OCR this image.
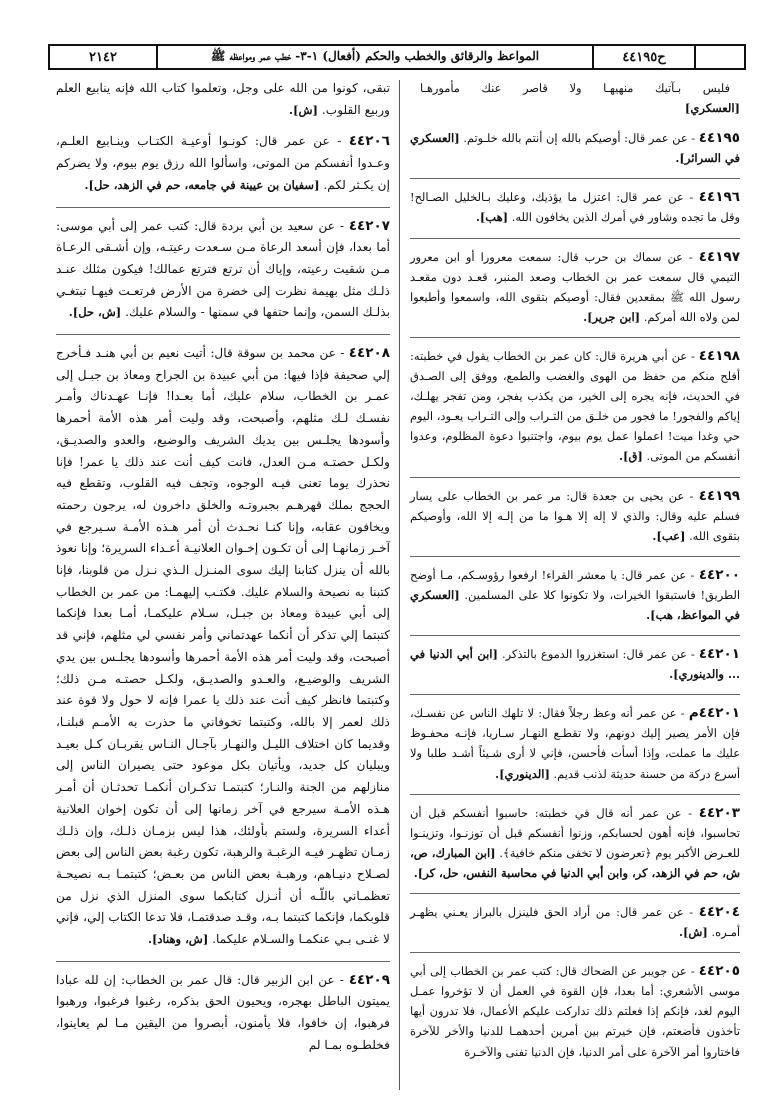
٢١٤٢	المواعظ والرقائق والخطب والحكم (أفعال) ١-٣- خطب عمر ومواعظه ﷺ	ح٤٤١٩٥
فليس بـآتيك منهيهـا ولا قاصر عنك مأمورهـا
[العسكري]

٤٤١٩٥ - عن عمر قال: أوصيكم بالله إن أنتم بالله خلـوتم. [العسكري في السرائر].

٤٤١٩٦ - عن عمر قال: اعتزل ما يؤذيك، وعليك بـالخليل الصـالح! وقل ما تجده وشاور في أمرك الذين يخافون الله. [هب].

٤٤١٩٧ - عن سماك بن حرب قال: سمعت معرورا أو ابن معرور التيمي قال سمعت عمر بن الخطاب وصعد المنبر، قعـد دون مقعـد رسول الله ﷺ بمقعدين فقال: أوصيكم بتقوى الله، واسمعوا وأطيعوا لمن ولاه الله أمركم. [ابن جرير].

٤٤١٩٨ - عن أبي هريرة قال: كان عمر بن الخطاب يقول في خطبته: أفلح منكم من حفظ من الهوى والغضب والطمع، ووفق إلى الصـدق في الحديث، فإنه يجره إلى الخير، من يكذب يفجر، ومن تفجر يهلـك، إياكم والفجور! ما فجور من خلـق من التـراب وإلى التـراب يعـود، اليوم حي وغدا ميت! اعملوا عمل يوم بيوم، واجتنبوا دعوة المظلوم، وعدوا أنفسكم من الموتى. [ق].

٤٤١٩٩ - عن يحيى بن جعدة قال: مر عمر بن الخطاب على يسار فسلم عليه وقال: والذي لا إله إلا هـوا ما من إلـه إلا الله، وأوصيكم بتقوى الله. [عب].

٤٤٢٠٠ - عن عمر قال: يا معشر القراء! ارفعوا رؤوسـكم، مـا أوضح الطريق! فاستبقوا الخيرات، ولا تكونوا كلا على المسلمين. [العسكري في المواعظ، هب].

٤٤٢٠١ - عن عمر قال: استغزروا الدموع بالتذكر. [ابن أبي الدنيا في ... والدينوري].

٤٤٢٠١م - عن عمر أنه وعظ رجلاً فقال: لا تلهك الناس عن نفسـك، فإن الأمر يصير إليك دونهم، ولا تقطـع النهـار سـاريا، فإنـه محفـوظ عليك ما عملت، وإذا أسأت فأحسن، فإني لا أرى شـيئاً أشـد طلبا ولا أسرع دركة من حسنة حديثة لذنب قديم. [الدينوري].

٤٤٢٠٣ - عن عمر أنه قال في خطبته: حاسبوا أنفسكم قبل أن تحاسبوا، فإنه أهون لحسابكم، وزنوا أنفسكم قبل أن توزنـوا، وتزينـوا للعـرض الأكبر يوم ﴿تعرضون لا تخفى منكم خافية﴾. [ابن المبارك، ص، ش، حم في الزهد، كر، وابن أبي الدنيا في محاسبة النفس، حل، كر].

٤٤٢٠٤ - عن عمر قال: من أراد الحق فلينزل بالبراز يعـني يظهـر أمـره. [ش].

٤٤٢٠٥ - عن جويبر عن الضحاك قال: كتب عمر بن الخطاب إلى أبي موسى الأشعري: أما بعدا، فإن القوة في العمل أن لا تؤخروا عمـل اليوم لغد، فإنكم إذا فعلتم ذلك تداركت عليكم الأعمال، فلا تدرون أيها تأخذون فأضعتم، فإن خيرتم بين أمرين أحدهمـا للدنيا والأخر للآخرة فاختاروا أمر الآخرة على أمر الدنيا، فإن الدنيا تفنى والآخـرة

تبقى، كونوا من الله على وجل، وتعلموا كتاب الله فإنه ينابيع العلم وربيع القلوب. [ش].

٤٤٢٠٦ - عن عمر قال: كونـوا أوعيـة الكتـاب وينـابيع العلـم، وعـدوا أنفسكم من الموتى، واسألوا الله رزق يوم بيوم، ولا يضركم إن يكـثر لكم. [سفيان بن عيينة في جامعه، حم في الزهد، حل].

٤٤٢٠٧ - عن سعيد بن أبي بردة قال: كتب عمر إلى أبي موسى: أما بعدا، فإن أسعد الرعاة مـن سـعدت رعيتـه، وإن أشـقى الرعـاة مـن شقيت رعيته، وإياك أن ترتع فترتع عمالك! فيكون مثلك عنـد ذلـك مثل بهيمة نظرت إلى خضرة من الأرض فرتعـت فيهـا تبتغـي بذلـك السمن، وإنما حتفها في سمنها - والسلام عليك. [ش، حل].

٤٤٢٠٨ - عن محمد بن سوقة قال: أتيت نعيم بن أبي هنـد فـأخرج إلي صحيفة فإذا فيها: من أبي عبيدة بن الجراح ومعاذ بن جبـل إلى عمـر بن الخطاب، سلام عليك، أما بعـدا! فإنـا عهـدناك وأمـر نفسـك لـك مثلهم، وأصبحت، وقد وليت أمر هذه الأمة أحمرها وأسودها يجلـس بين يديك الشريف والوضيع، والعدو والصديـق، ولكـل حصتـه مـن العدل، فانت كيف أنت عند ذلك يا عمر! فإنا نحذرك يوما تعنى فيـه الوجوه، وتجف فيه القلوب، وتقطع فيه الحجج بملك قهرهـم بجبروتـه والخلق داخرون له، يرجون رحمته ويخافون عقابه، وإنا كنـا نحـدث أن أمر هـذه الأمـة سـيرجع في آخـر زمانهـا إلى أن تكـون إخـوان العلانيـة أعـداء السريرة؛ وإنا نعوذ بالله أن ينزل كتابنا إليك سوى المنـزل الـذي نـزل من قلوبنا، فإنا كتبنا به نصيحة والسلام عليك. فكتـب إليهمـا: من عمر بن الخطاب إلى أبي عبيدة ومعاذ بن جبـل، سـلام عليكمـا، أمـا بعدا فإنكما كتبتما إلي تذكر أن أنكما عهدتماني وأمر نفسي لي مثلهم، فإني قد أصبحت، وقد وليت أمر هذه الأمة أحمرها وأسودها يجلـس بين يدي الشريف والوضيـع، والعـدو والصديـق، ولكـل حصتـه مـن ذلك؛ وكتبتما فانظر كيف أنت عند ذلك يا عمرا فإنه لا حول ولا قوة عند ذلك لعمر إلا بالله، وكتبتما تخوفاني ما حذرت به الأمـم قبلنـا، وقديما كان اختلاف الليـل والنهـار بآجـال النـاس يقربـان كـل بعيـد ويبليان كل جديد، ويأتيان بكل موعود حتى يصيران الناس إلى منازلهم من الجنة والنـار؛ كتبتمـا تذكـران أنكمـا تحدثـان أن أمـر هـذه الأمـة سيرجع في آخر زمانها إلى أن تكون إخوان العلانية أعداء السريرة، ولستم بأولئك، هذا ليس بزمـان ذلـك، وإن ذلـك زمـان تظهـر فيـه الرغبـة والرهبة، تكون رغبة بعض الناس إلى بعض لصـلاح دنيـاهم، ورهبـة بعض الناس من بعـض؛ كتبتمـا بـه نصيحـة تعظمـاني باللّـه أن أنـزل كتابكما سوى المنزل الذي نزل من قلوبكما، فإنكما كتبتما بـه، وقـد صدقتمـا، فلا تدعا الكتاب إلي، فإني لا غنـى بـي عنكمـا والسـلام عليكما. [ش، وهناد].

٤٤٢٠٩ - عن ابن الزبير قال: قال عمر بن الخطاب: إن لله عبادا يميتون الباطل بهجره، ويحيون الحق بذكره، رغبوا فرغبوا، ورهبوا فرهبوا، إن خافوا، فلا يأمنون، أبصروا من اليقين مـا لم يعاينوا، فخلطـوه بمـا لم
